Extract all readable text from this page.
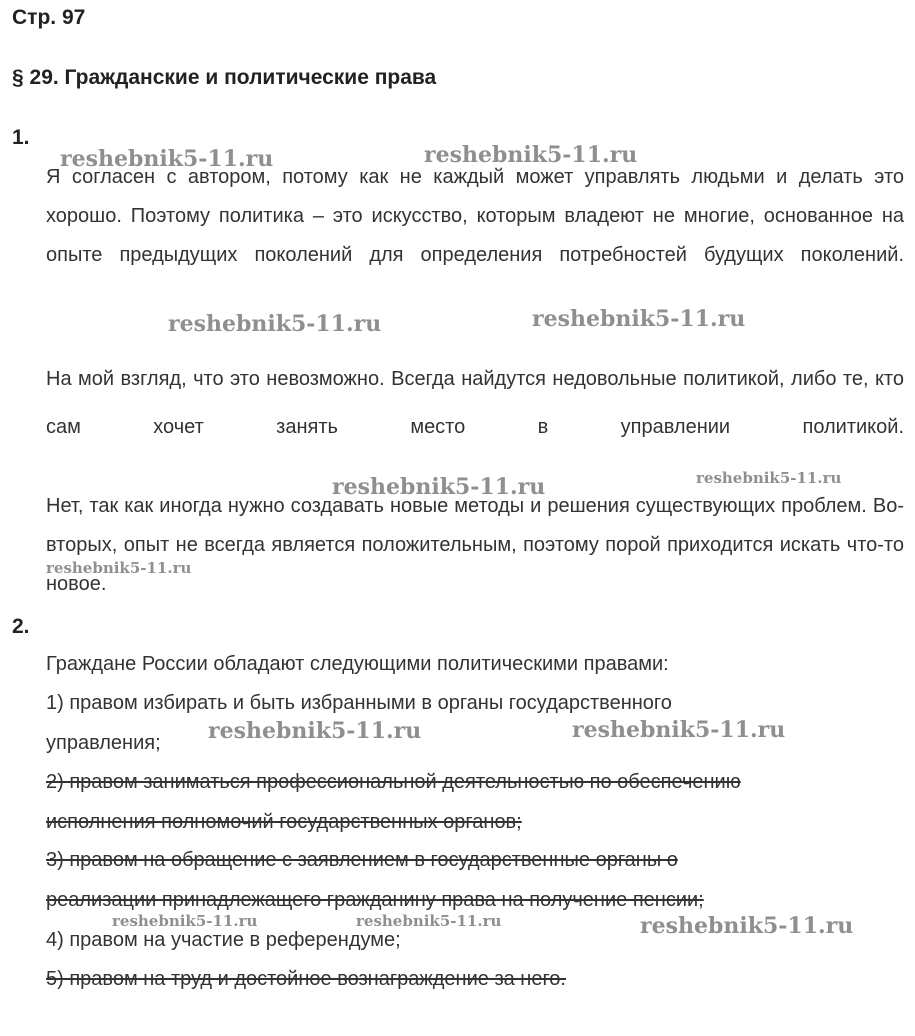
Стр. 97
§ 29. Гражданские и политические права
1.

Я согласен с автором, потому как не каждый может управлять людьми и делать это хорошо. Поэтому политика – это искусство, которым владеют не многие, основанное на опыте предыдущих поколений для определения потребностей будущих поколений.

На мой взгляд, что это невозможно. Всегда найдутся недовольные политикой, либо те, кто сам хочет занять место в управлении политикой.

Нет, так как иногда нужно создавать новые методы и решения существующих проблем. Во-вторых, опыт не всегда является положительным, поэтому порой приходится искать что-то новое.

2.
Граждане России обладают следующими политическими правами:
1) правом избирать и быть избранными в органы государственного
управления;
2) правом заниматься профессиональной деятельностью по обеспечению
исполнения полномочий государственных органов;
3) правом на обращение с заявлением в государственные органы о
реализации принадлежащего гражданину права на получение пенсии;
4) правом на участие в референдуме;
5) правом на труд и достойное вознаграждение за него.
reshebnik5-11.ru	reshebnik5-11.ru
reshebnik5-11.ru	reshebnik5-11.ru
reshebnik5-11.ru	reshebnik5-11.ru
reshebnik5-11.ru
reshebnik5-11.ru	reshebnik5-11.ru
reshebnik5-11.ru	reshebnik5-11.ru	reshebnik5-11.ru
